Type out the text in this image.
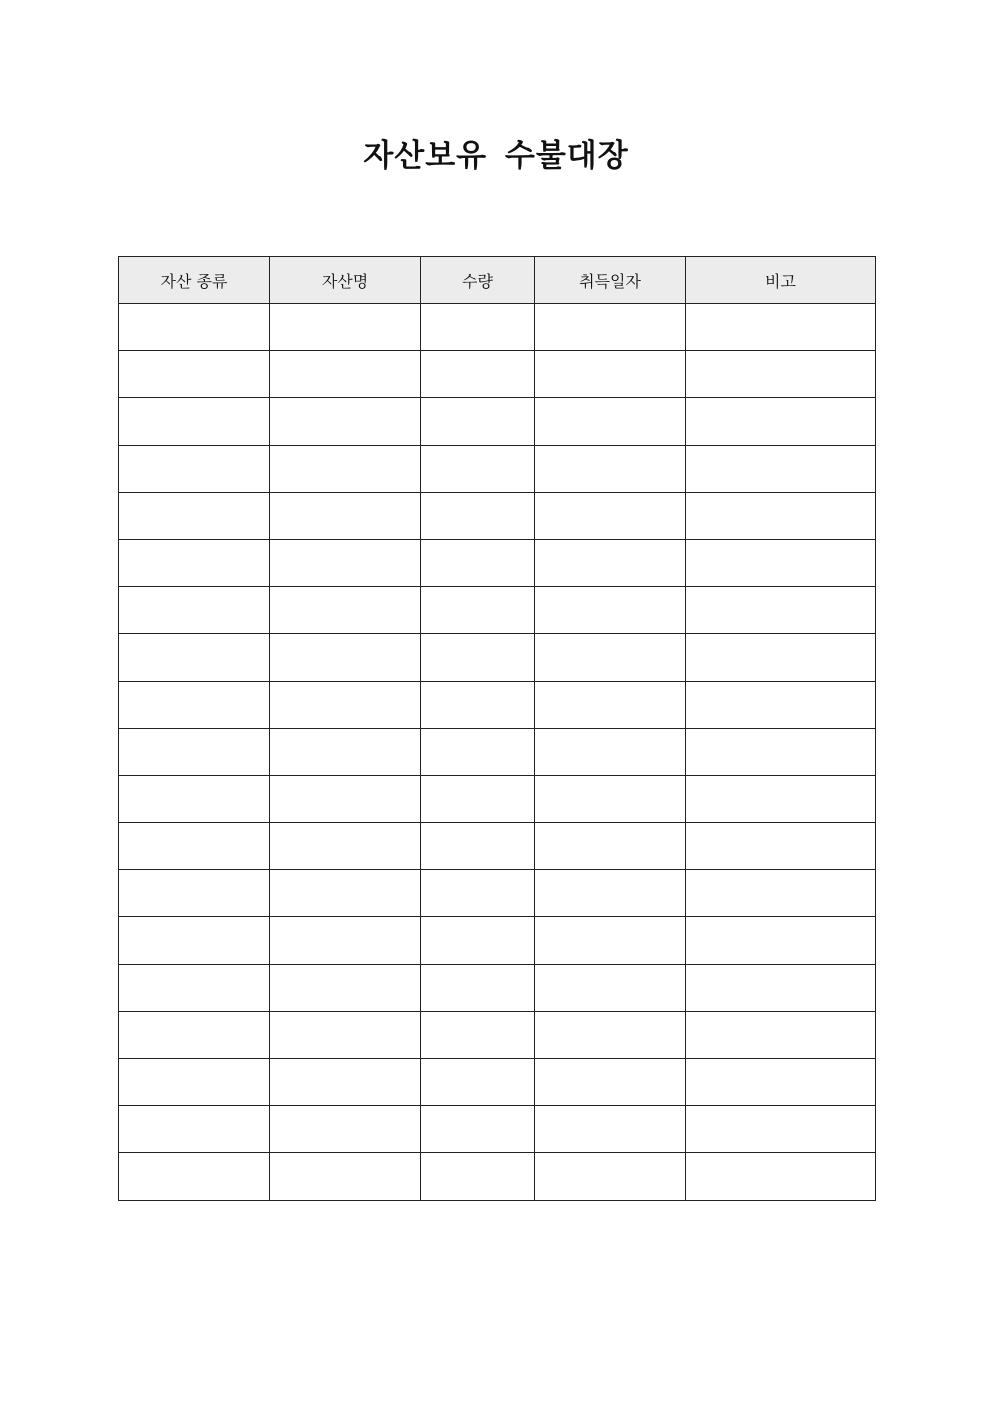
자산보유 수불대장
자산 종류	자산명	수량	취득일자	비고
